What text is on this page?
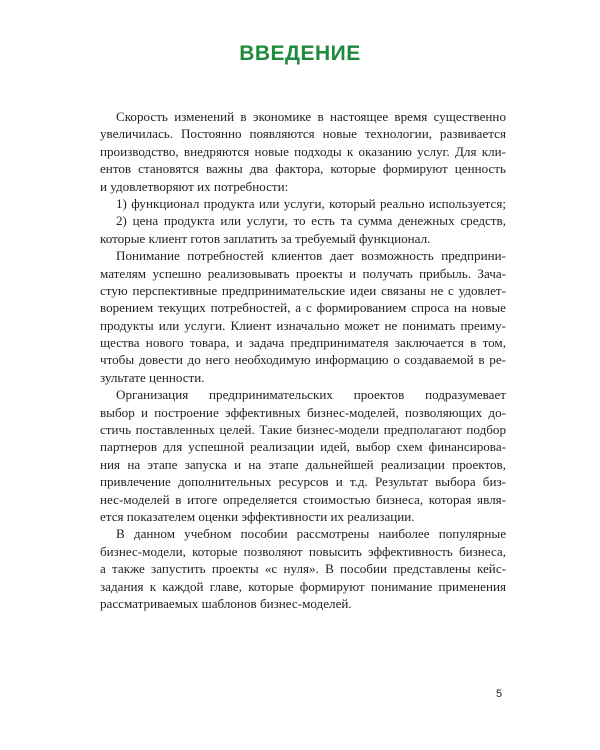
ВВЕДЕНИЕ
Скорость изменений в экономике в настоящее время существенно
увеличилась. Постоянно появляются новые технологии, развивается
производство, внедряются новые подходы к оказанию услуг. Для кли-
ентов становятся важны два фактора, которые формируют ценность
и удовлетворяют их потребности:
1) функционал продукта или услуги, который реально используется;
2) цена продукта или услуги, то есть та сумма денежных средств,
которые клиент готов заплатить за требуемый функционал.
Понимание потребностей клиентов дает возможность предприни-
мателям успешно реализовывать проекты и получать прибыль. Зача-
стую перспективные предпринимательские идеи связаны не с удовлет-
ворением текущих потребностей, а с формированием спроса на новые
продукты или услуги. Клиент изначально может не понимать преиму-
щества нового товара, и задача предпринимателя заключается в том,
чтобы довести до него необходимую информацию о создаваемой в ре-
зультате ценности.
Организация предпринимательских проектов подразумевает
выбор и построение эффективных бизнес-моделей, позволяющих до-
стичь поставленных целей. Такие бизнес-модели предполагают подбор
партнеров для успешной реализации идей, выбор схем финансирова-
ния на этапе запуска и на этапе дальнейшей реализации проектов,
привлечение дополнительных ресурсов и т.д. Результат выбора биз-
нес-моделей в итоге определяется стоимостью бизнеса, которая явля-
ется показателем оценки эффективности их реализации.
В данном учебном пособии рассмотрены наиболее популярные
бизнес-модели, которые позволяют повысить эффективность бизнеса,
а также запустить проекты «с нуля». В пособии представлены кейс-
задания к каждой главе, которые формируют понимание применения
рассматриваемых шаблонов бизнес-моделей.
5
